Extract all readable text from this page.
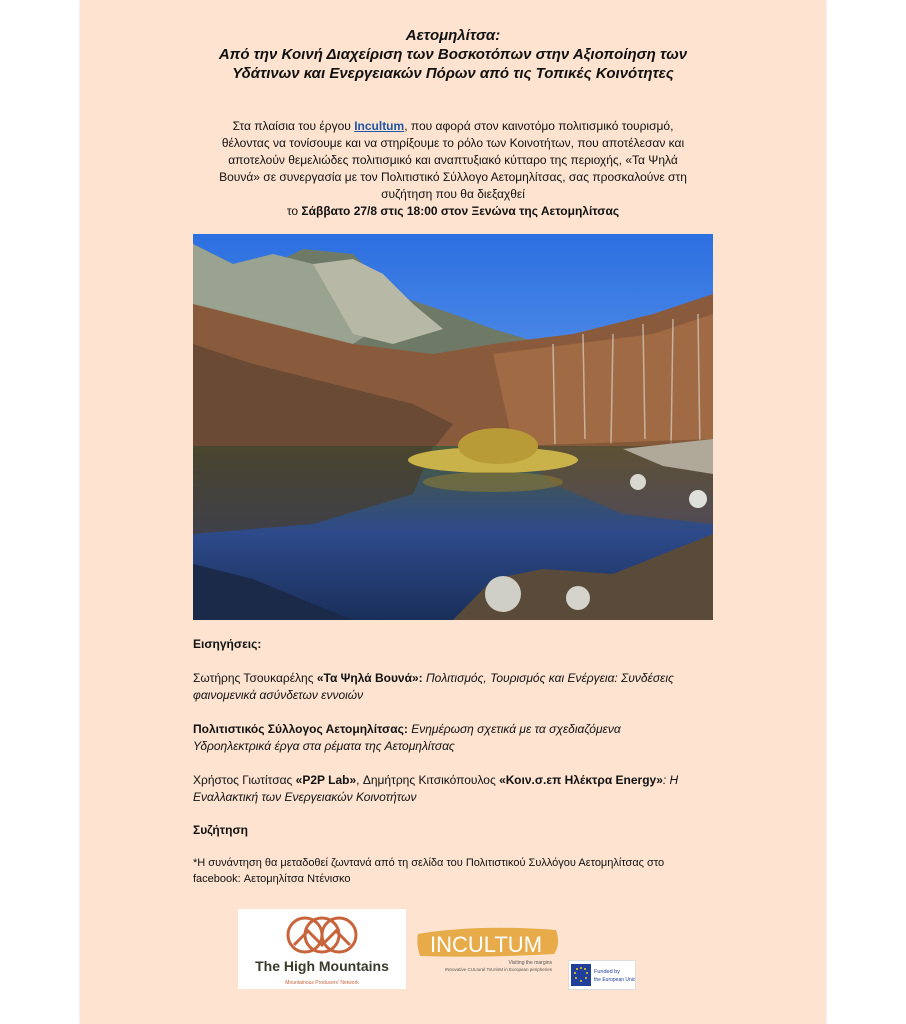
Αετομηλίτσα:
Από την Κοινή Διαχείριση των Βοσκοτόπων στην Αξιοποίηση των
Υδάτινων και Ενεργειακών Πόρων από τις Τοπικές Κοινότητες
Στα πλαίσια του έργου Incultum, που αφορά στον καινοτόμο πολιτισμικό τουρισμό,
θέλοντας να τονίσουμε και να στηρίξουμε το ρόλο των Κοινοτήτων, που αποτέλεσαν και
αποτελούν θεμελιώδες πολιτισμικό και αναπτυξιακό κύτταρο της περιοχής, «Τα Ψηλά
Βουνά» σε συνεργασία με τον Πολιτιστικό Σύλλογο Αετομηλίτσας, σας προσκαλούνε στη
συζήτηση που θα διεξαχθεί
το Σάββατο 27/8 στις 18:00 στον Ξενώνα της Αετομηλίτσας
Εισηγήσεις:
Σωτήρης Τσουκαρέλης «Τα Ψηλά Βουνά»: Πολιτισμός, Τουρισμός και Ενέργεια: Συνδέσεις
φαινομενικά ασύνδετων εννοιών
Πολιτιστικός Σύλλογος Αετομηλίτσας: Ενημέρωση σχετικά με τα σχεδιαζόμενα
Υδροηλεκτρικά έργα στα ρέματα της Αετομηλίτσας
Χρήστος Γιωτίτσας «P2P Lab», Δημήτρης Κιτσικόπουλος «Κοιν.σ.επ Ηλέκτρα Energy»: Η
Εναλλακτική των Ενεργειακών Κοινοτήτων
Συζήτηση
*Η συνάντηση θα μεταδοθεί ζωντανά από τη σελίδα του Πολιτιστικού Συλλόγου Αετομηλίτσας στο
facebook: Αετομηλίτσα Ντένισκο
The High Mountains
Mountainous Producers' Network
INCULTUM
Visiting the margins
INnovative CULtural ToUrisM in European peripheries	Funded by
the European Union
